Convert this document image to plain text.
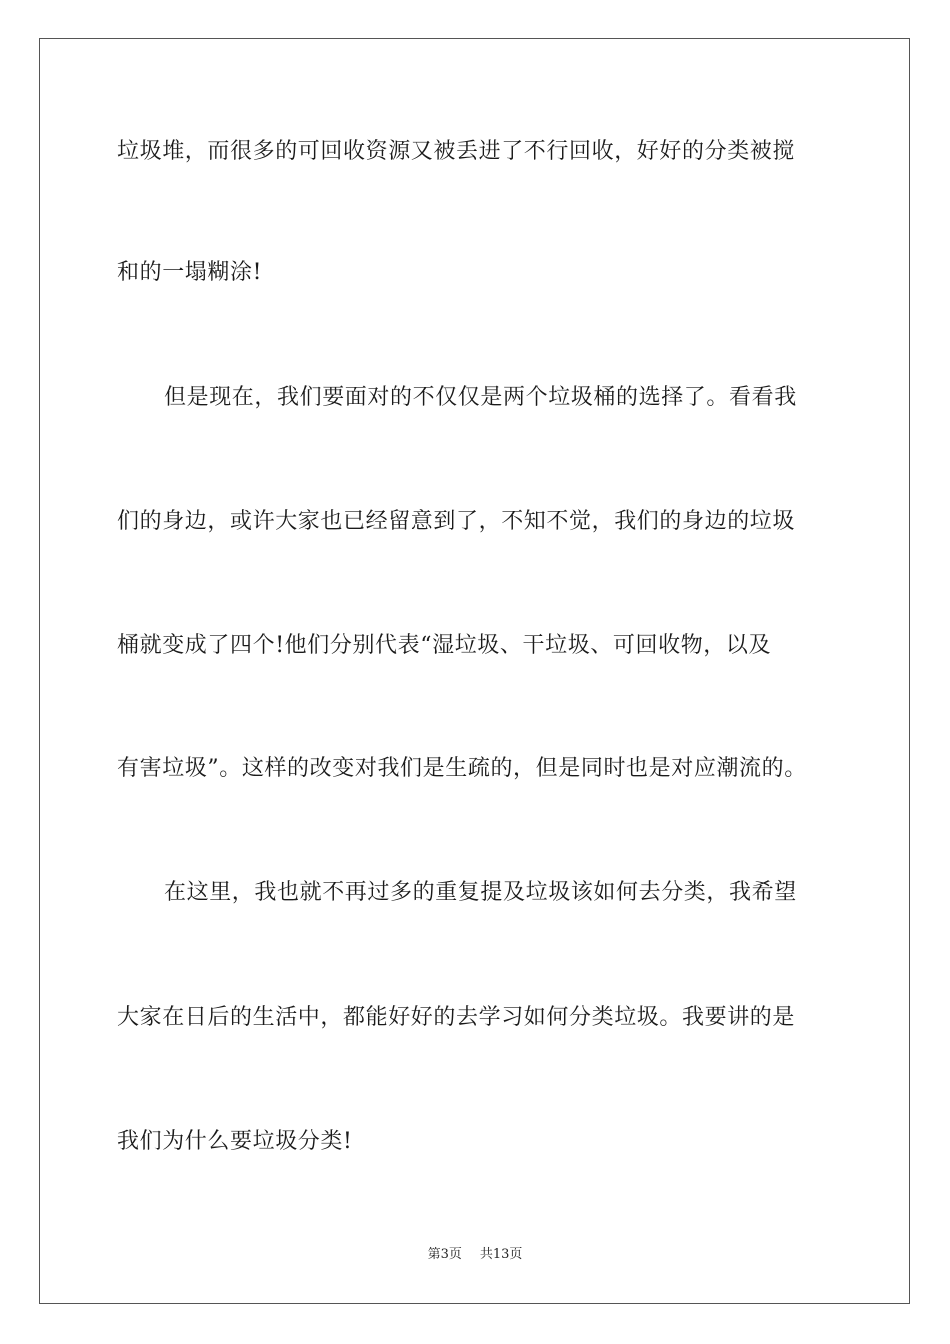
垃圾堆，而很多的可回收资源又被丢进了不行回收，好好的分类被搅
和的一塌糊涂!
但是现在，我们要面对的不仅仅是两个垃圾桶的选择了。看看我
们的身边，或许大家也已经留意到了，不知不觉，我们的身边的垃圾
桶就变成了四个!他们分别代表“湿垃圾、干垃圾、可回收物，以及
有害垃圾”。这样的改变对我们是生疏的，但是同时也是对应潮流的。
在这里，我也就不再过多的重复提及垃圾该如何去分类，我希望
大家在日后的生活中，都能好好的去学习如何分类垃圾。我要讲的是
我们为什么要垃圾分类!
第3页 共13页
